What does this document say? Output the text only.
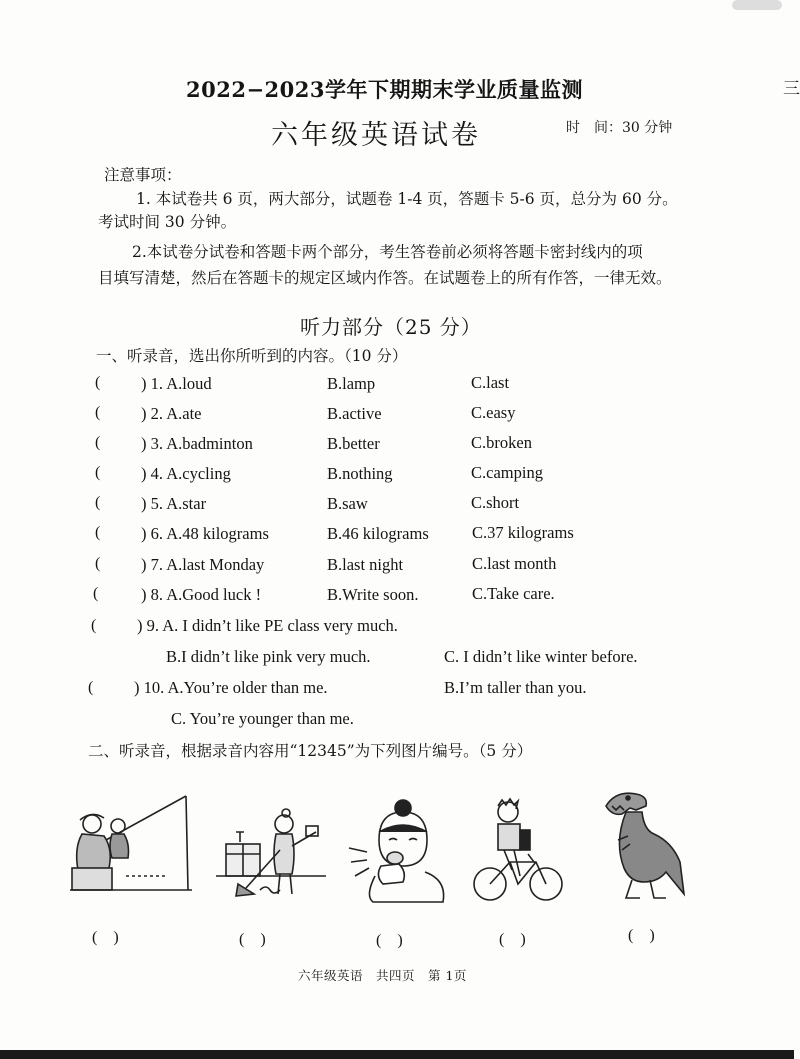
三
2022−2023学年下期期末学业质量监测
六年级英语试卷	时　间：30 分钟
注意事项：
1. 本试卷共 6 页，两大部分，试题卷 1-4 页，答题卡 5-6 页，总分为 60 分。
考试时间 30 分钟。
2.本试卷分试卷和答题卡两个部分，考生答卷前必须将答题卡密封线内的项
目填写清楚，然后在答题卡的规定区域内作答。在试题卷上的所有作答，一律无效。
听力部分（25 分）
一、听录音，选出你所听到的内容。（10 分）
( ) 1. A.loud	B.lamp	C.last
( ) 2. A.ate	B.active	C.easy
( ) 3. A.badminton	B.better	C.broken
( ) 4. A.cycling	B.nothing	C.camping
( ) 5. A.star	B.saw	C.short
( ) 6. A.48 kilograms	B.46 kilograms	C.37 kilograms
( ) 7. A.last Monday	B.last night	C.last month
(	) 8. A.Good luck !	B.Write soon.	C.Take care.
( ) 9. A. I didn’t like PE class very much.
B.I didn’t like pink very much.	C. I didn’t like winter before.
( ) 10. A.You’re older than me.	B.I’m taller than you.
C. You’re younger than me.
二、听录音，根据录音内容用“12345”为下列图片编号。（5 分）
(　)	(　)	(　)	(　)	(　)
六年级英语　共四页　第 1页
